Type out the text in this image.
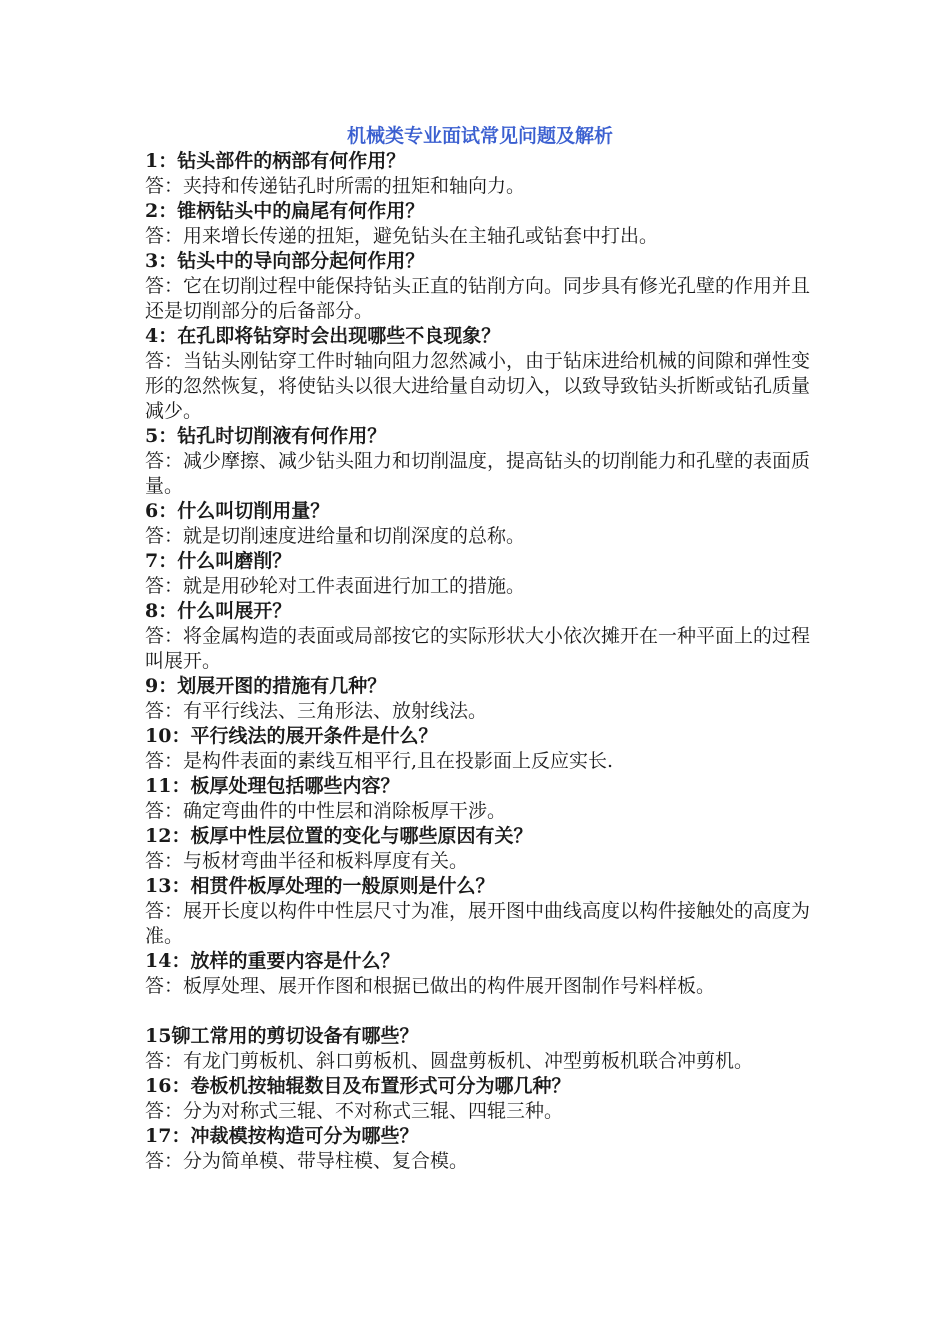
机械类专业面试常见问题及解析

1：钻头部件的柄部有何作用？

答：夹持和传递钻孔时所需的扭矩和轴向力。

2：锥柄钻头中的扁尾有何作用？

答：用来增长传递的扭矩，避免钻头在主轴孔或钻套中打出。

3：钻头中的导向部分起何作用？

答：它在切削过程中能保持钻头正直的钻削方向。同步具有修光孔壁的作用并且还是切削部分的后备部分。

4：在孔即将钻穿时会出现哪些不良现象？

答：当钻头刚钻穿工件时轴向阻力忽然减小，由于钻床进给机械的间隙和弹性变形的忽然恢复，将使钻头以很大进给量自动切入，以致导致钻头折断或钻孔质量减少。

5：钻孔时切削液有何作用？

答：减少摩擦、减少钻头阻力和切削温度，提高钻头的切削能力和孔壁的表面质量。

6：什么叫切削用量？

答：就是切削速度进给量和切削深度的总称。

7：什么叫磨削？

答：就是用砂轮对工件表面进行加工的措施。

8：什么叫展开？

答：将金属构造的表面或局部按它的实际形状大小依次摊开在一种平面上的过程叫展开。

9：划展开图的措施有几种？

答：有平行线法、三角形法、放射线法。

10：平行线法的展开条件是什么？

答：是构件表面的素线互相平行,且在投影面上反应实长.

11：板厚处理包括哪些内容？

答：确定弯曲件的中性层和消除板厚干涉。

12：板厚中性层位置的变化与哪些原因有关？

答：与板材弯曲半径和板料厚度有关。

13：相贯件板厚处理的一般原则是什么？

答：展开长度以构件中性层尺寸为准，展开图中曲线高度以构件接触处的高度为准。

14：放样的重要内容是什么？

答：板厚处理、展开作图和根据已做出的构件展开图制作号料样板。

15铆工常用的剪切设备有哪些？

答：有龙门剪板机、斜口剪板机、圆盘剪板机、冲型剪板机联合冲剪机。

16：卷板机按轴辊数目及布置形式可分为哪几种？

答：分为对称式三辊、不对称式三辊、四辊三种。

17：冲裁模按构造可分为哪些？

答：分为简单模、带导柱模、复合模。
